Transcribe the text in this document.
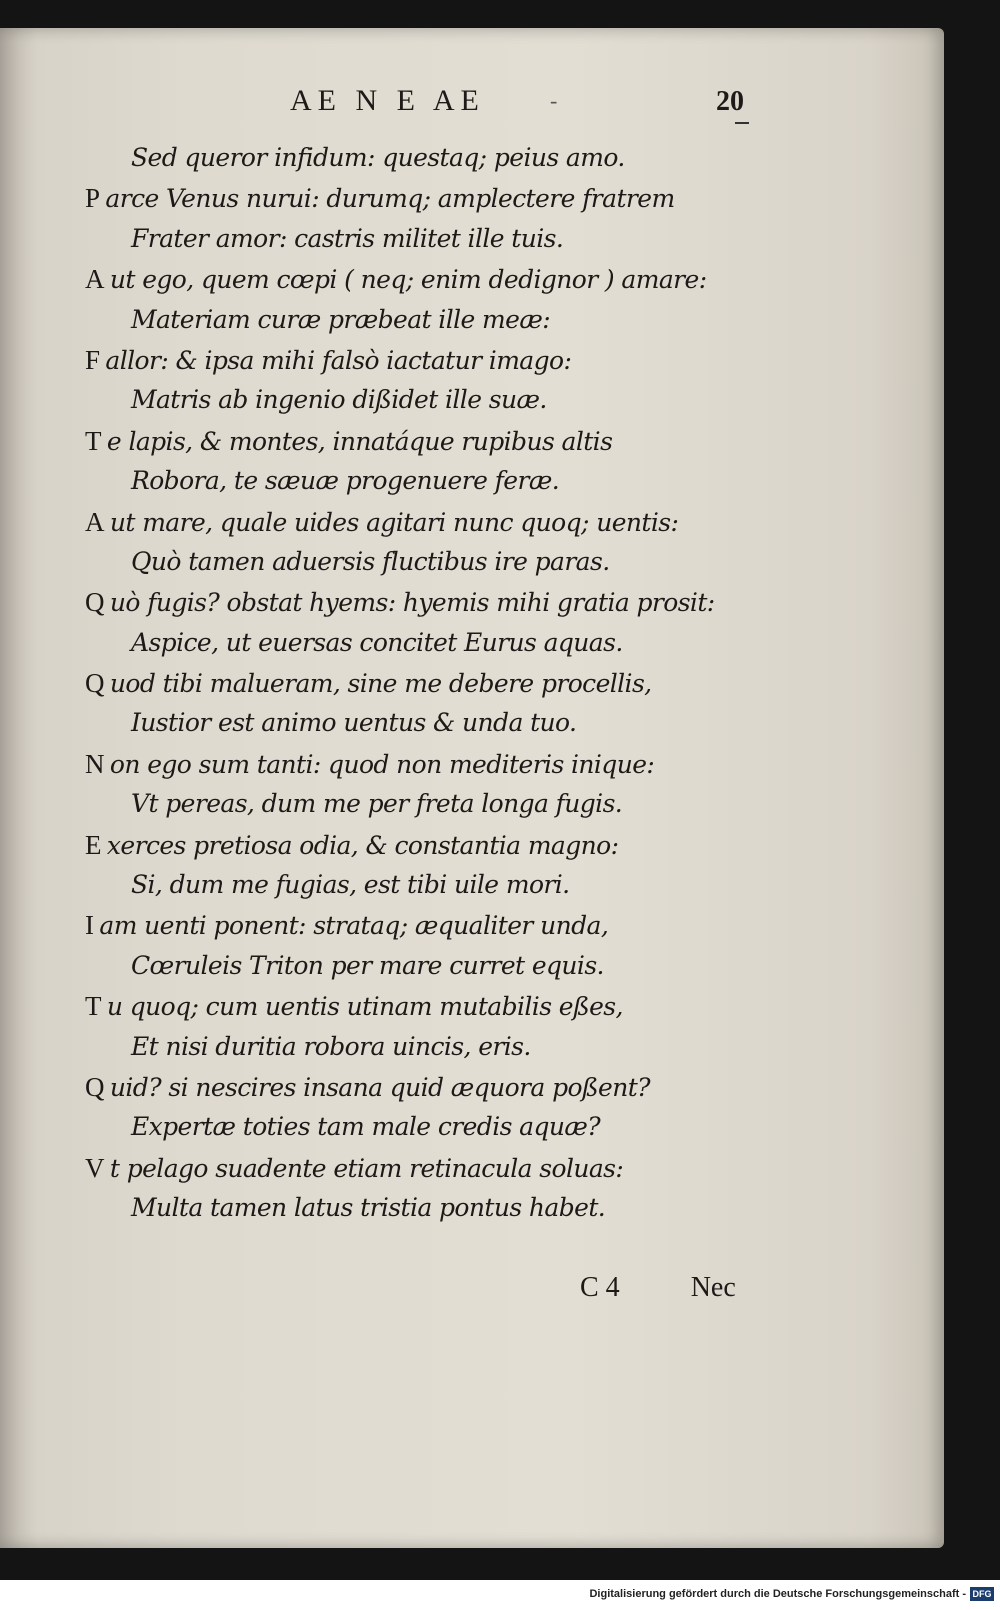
AE N E AE	-	20
Sed queror infidum: questaq; peius amo.
P arce Venus nurui: durumq; amplectere fratrem
Frater amor: castris militet ille tuis.
A ut ego, quem cœpi ( neq; enim dedignor ) amare:
Materiam curæ præbeat ille meæ:
F allor: & ipsa mihi falsò iactatur imago:
Matris ab ingenio dißidet ille suæ.
T e lapis, & montes, innatáque rupibus altis
Robora, te sæuæ progenuere feræ.
A ut mare, quale uides agitari nunc quoq; uentis:
Quò tamen aduersis fluctibus ire paras.
Q uò fugis? obstat hyems: hyemis mihi gratia prosit:
Aspice, ut euersas concitet Eurus aquas.
Q uod tibi malueram, sine me debere procellis,
Iustior est animo uentus & unda tuo.
N on ego sum tanti: quod non mediteris inique:
Vt pereas, dum me per freta longa fugis.
E xerces pretiosa odia, & constantia magno:
Si, dum me fugias, est tibi uile mori.
I am uenti ponent: strataq; æqualiter unda,
Cœruleis Triton per mare curret equis.
T u quoq; cum uentis utinam mutabilis eßes,
Et nisi duritia robora uincis, eris.
Q uid? si nescires insana quid æquora poßent?
Expertæ toties tam male credis aquæ?
V t pelago suadente etiam retinacula soluas:
Multa tamen latus tristia pontus habet.
C 4	Nec
Digitalisierung gefördert durch die Deutsche Forschungsgemeinschaft - DFG
